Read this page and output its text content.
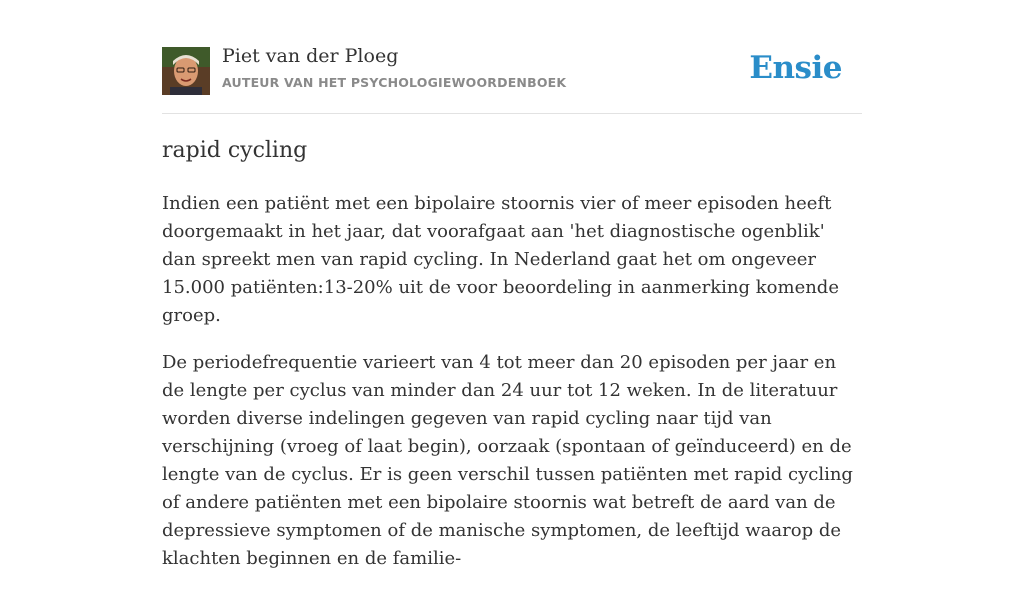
Piet van der Ploeg
AUTEUR VAN HET PSYCHOLOGIEWOORDENBOEK	Ensie
rapid cycling

Indien een patiënt met een bipolaire stoornis vier of meer episoden heeft doorgemaakt in het jaar, dat voorafgaat aan 'het diagnostische ogenblik' dan spreekt men van rapid cycling. In Nederland gaat het om ongeveer 15.000 patiënten:13-20% uit de voor beoordeling in aanmerking komende groep.

De periodefrequentie varieert van 4 tot meer dan 20 episoden per jaar en de lengte per cyclus van minder dan 24 uur tot 12 weken. In de literatuur worden diverse indelingen gegeven van rapid cycling naar tijd van verschijning (vroeg of laat begin), oorzaak (spontaan of geïnduceerd) en de lengte van de cyclus. Er is geen verschil tussen patiënten met rapid cycling of andere patiënten met een bipolaire stoornis wat betreft de aard van de depressieve symptomen of de manische symptomen, de leeftijd waarop de klachten beginnen en de familie-
